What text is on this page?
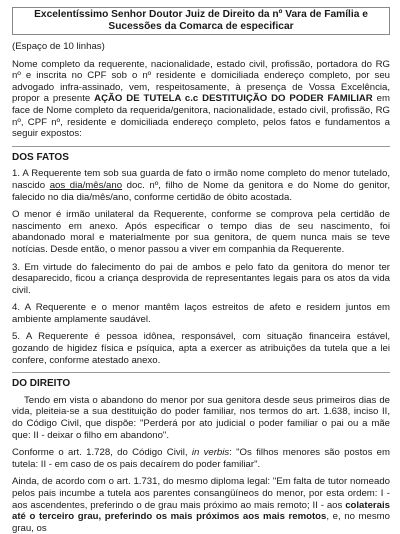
Excelentíssimo Senhor Doutor Juiz de Direito da nº Vara de Família e Sucessões da Comarca de especificar

(Espaço de 10 linhas)

Nome completo da requerente, nacionalidade, estado civil, profissão, portadora do RG nº e inscrita no CPF sob o nº residente e domiciliada endereço completo, por seu advogado infra-assinado, vem, respeitosamente, à presença de Vossa Excelência, propor a presente AÇÃO DE TUTELA c.c DESTITUIÇÃO DO PODER FAMILIAR em face de Nome completo da requerida/genitora, nacionalidade, estado civil, profissão, RG nº, CPF nº, residente e domiciliada endereço completo, pelos fatos e fundamentos a seguir expostos:

DOS FATOS

1. A Requerente tem sob sua guarda de fato o irmão nome completo do menor tutelado, nascido aos dia/mês/ano doc. nº, filho de Nome da genitora e do Nome do genitor, falecido no dia dia/mês/ano, conforme certidão de óbito acostada.

O menor é irmão unilateral da Requerente, conforme se comprova pela certidão de nascimento em anexo. Após especificar o tempo dias de seu nascimento, foi abandonado moral e materialmente por sua genitora, de quem nunca mais se teve notícias. Desde então, o menor passou a viver em companhia da Requerente.

3. Em virtude do falecimento do pai de ambos e pelo fato da genitora do menor ter desaparecido, ficou a criança desprovida de representantes legais para os atos da vida civil.

4. A Requerente e o menor mantêm laços estreitos de afeto e residem juntos em ambiente amplamente saudável.

5. A Requerente é pessoa idônea, responsável, com situação financeira estável, gozando de higidez física e psíquica, apta a exercer as atribuições da tutela que a lei confere, conforme atestado anexo.

DO DIREITO

Tendo em vista o abandono do menor por sua genitora desde seus primeiros dias de vida, pleiteia-se a sua destituição do poder familiar, nos termos do art. 1.638, inciso II, do Código Civil, que dispõe: "Perderá por ato judicial o poder familiar o pai ou a mãe que: II - deixar o filho em abandono".

Conforme o art. 1.728, do Código Civil, in verbis: "Os filhos menores são postos em tutela: II - em caso de os pais decaírem do poder familiar".

Ainda, de acordo com o art. 1.731, do mesmo diploma legal: "Em falta de tutor nomeado pelos pais incumbe a tutela aos parentes consangüíneos do menor, por esta ordem: I - aos ascendentes, preferindo o de grau mais próximo ao mais remoto; II - aos colaterais até o terceiro grau, preferindo os mais próximos aos mais remotos, e, no mesmo grau, os
